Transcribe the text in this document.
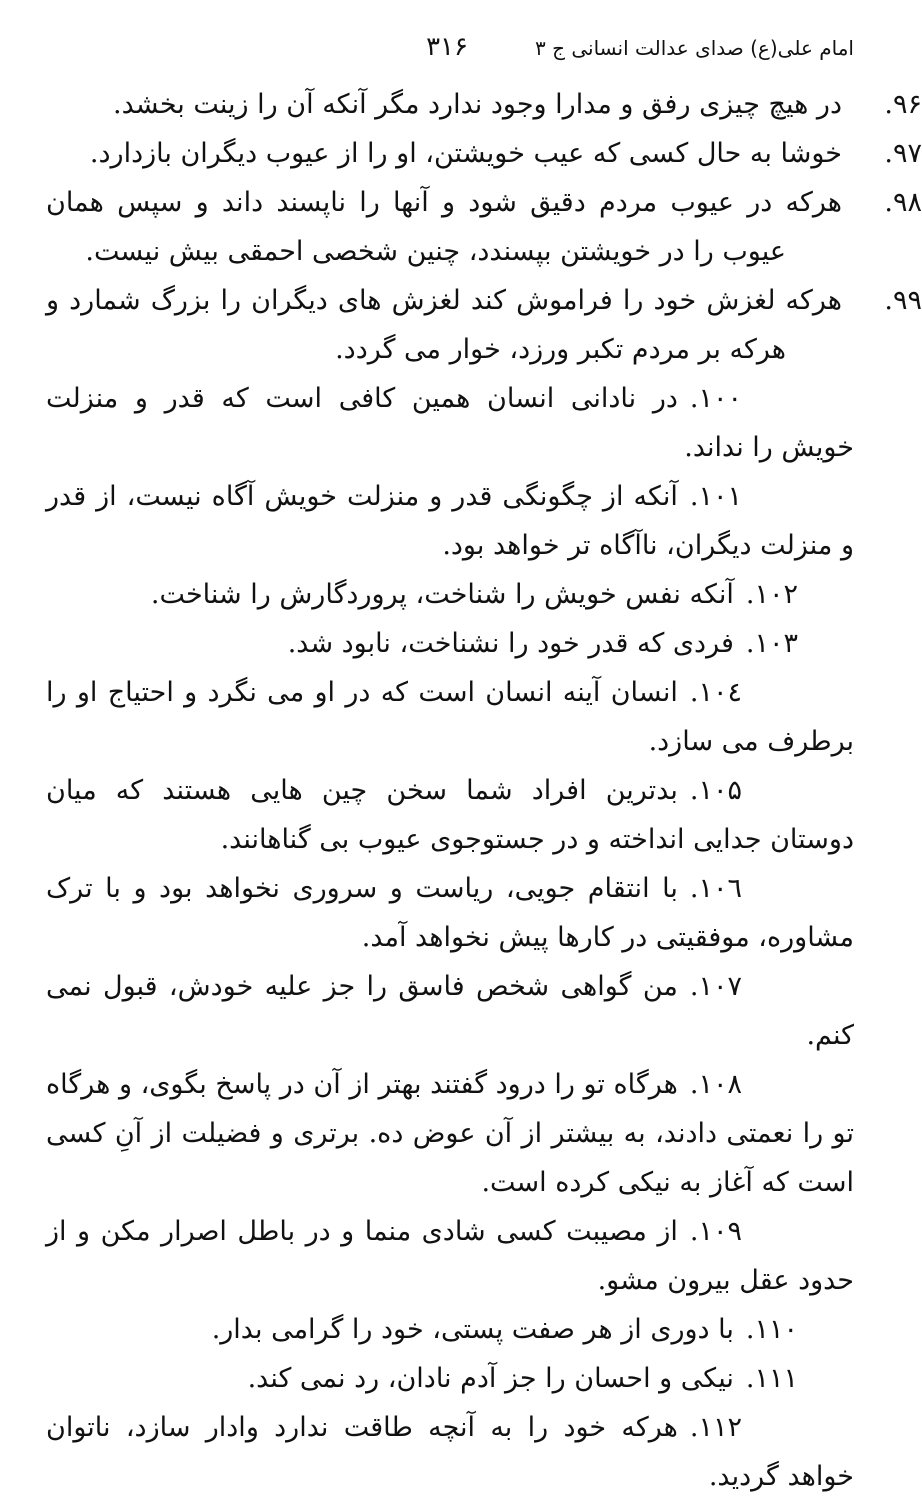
امام علی(ع) صدای عدالت انسانی ج ۳
۳۱۶
۹۶.در هیچ چیزی رفق و مدارا وجود ندارد مگر آنکه آن را زینت بخشد.
۹۷.خوشا به حال کسی که عیب خویشتن، او را از عیوب دیگران بازدارد.
۹۸.هرکه در عیوب مردم دقیق شود و آنها را ناپسند داند و سپس همان عیوب را در خویشتن بپسندد، چنین شخصی احمقی بیش نیست.
۹۹.هرکه لغزش خود را فراموش کند لغزش های دیگران را بزرگ شمارد و هرکه بر مردم تکبر ورزد، خوار می گردد.
۱۰۰.در نادانی انسان همین کافی است که قدر و منزلت خویش را نداند.
۱۰۱.آنکه از چگونگی قدر و منزلت خویش آگاه نیست، از قدر و منزلت دیگران، ناآگاه تر خواهد بود.
۱۰۲.آنکه نفس خویش را شناخت، پروردگارش را شناخت.
۱۰۳.فردی که قدر خود را نشناخت، نابود شد.
۱۰٤.انسان آینه انسان است که در او می نگرد و احتیاج او را برطرف می سازد.
۱۰۵.بدترین افراد شما سخن چین هایی هستند که میان دوستان جدایی انداخته و در جستوجوی عیوب بی گناهانند.
۱۰٦.با انتقام جویی، ریاست و سروری نخواهد بود و با ترک مشاوره، موفقیتی در کارها پیش نخواهد آمد.
۱۰۷.من گواهی شخص فاسق را جز علیه خودش، قبول نمی کنم.
۱۰۸.هرگاه تو را درود گفتند بهتر از آن در پاسخ بگوی، و هرگاه تو را نعمتی دادند، به بیشتر از آن عوض ده. برتری و فضیلت از آنِ کسی است که آغاز به نیکی کرده است.
۱۰۹.از مصیبت کسی شادی منما و در باطل اصرار مکن و از حدود عقل بیرون مشو.
۱۱۰.با دوری از هر صفت پستی، خود را گرامی بدار.
۱۱۱.نیکی و احسان را جز آدم نادان، رد نمی کند.
۱۱۲.هرکه خود را به آنچه طاقت ندارد وادار سازد، ناتوان خواهد گردید.
